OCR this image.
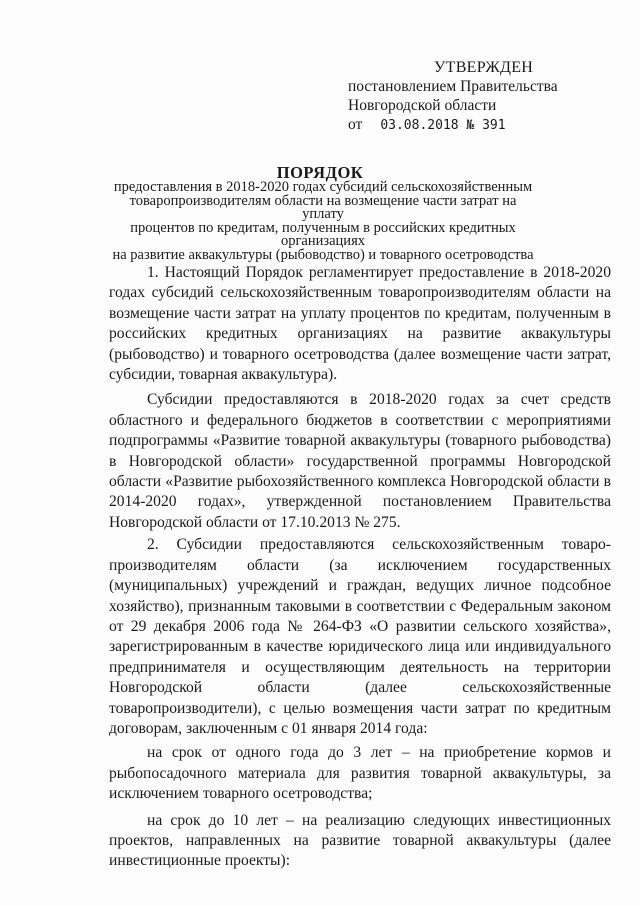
УТВЕРЖДЕН
постановлением Правительства
Новгородской области
от 03.08.2018 № 391
ПОРЯДОК
предоставления в 2018-2020 годах субсидий сельскохозяйственным
товаропроизводителям области на возмещение части затрат на уплату
процентов по кредитам, полученным в российских кредитных организациях
на развитие аквакультуры (рыбоводство) и товарного осетроводства

1. Настоящий Порядок регламентирует предоставление в 2018-2020 годах субсидий сельскохозяйственным товаропроизводителям области на возмещение части затрат на уплату процентов по кредитам, полученным в российских кредитных организациях на развитие аквакультуры (рыбоводство) и товарного осетроводства (далее возмещение части затрат, субсидии, товарная аквакультура).

Субсидии предоставляются в 2018-2020 годах за счет средств областного и федерального бюджетов в соответствии с мероприятиями подпрограммы «Развитие товарной аквакультуры (товарного рыбоводства) в Новгородской области» государственной программы Новгородской области «Развитие рыбохозяйственного комплекса Новгородской области в 2014-2020 годах», утвержденной постановлением Правительства Новгородской области от 17.10.2013 № 275.

2. Субсидии предоставляются сельскохозяйственным товаро-производителям области (за исключением государственных (муниципальных) учреждений и граждан, ведущих личное подсобное хозяйство), признанным таковыми в соответствии с Федеральным законом от 29 декабря 2006 года № 264-ФЗ «О развитии сельского хозяйства», зарегистрированным в качестве юридического лица или индивидуального предпринимателя и осуществляющим деятельность на территории Новгородской области (далее сельскохозяйственные товаропроизводители), с целью возмещения части затрат по кредитным договорам, заключенным с 01 января 2014 года:

на срок от одного года до 3 лет – на приобретение кормов и рыбопосадочного материала для развития товарной аквакультуры, за исключением товарного осетроводства;

на срок до 10 лет – на реализацию следующих инвестиционных проектов, направленных на развитие товарной аквакультуры (далее инвестиционные проекты):
